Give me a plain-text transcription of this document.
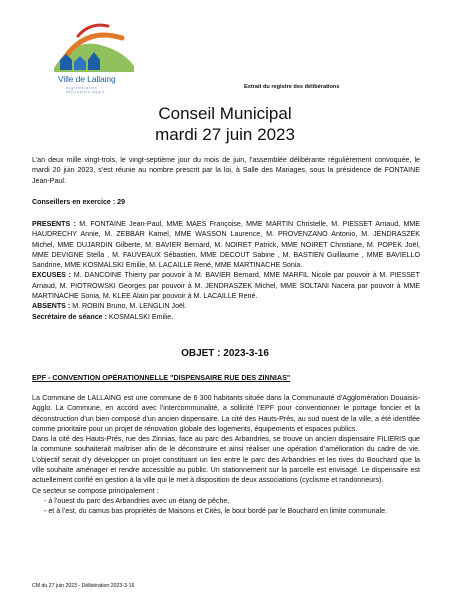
Ville de Lallaing
a g g l o m é r a t i o n
d e D o u a i s i s - A g g l o
Extrait du registre des délibérations
Conseil Municipal
mardi 27 juin 2023
L’an deux mille vingt-trois, le vingt-septième jour du mois de juin, l’assemblée délibérante régulièrement convoquée, le mardi 20 juin 2023, s’est réunie au nombre prescrit par la loi, à Salle des Mariages, sous la présidence de FONTAINE Jean-Paul.
Conseillers en exercice : 29

PRESENTS : M. FONTAINE Jean-Paul, MME MAES Françoise, MME MARTIN Christelle, M. PIESSET Arnaud, MME HAUDRECHY Annie, M. ZEBBAR Kamel, MME WASSON Laurence, M. PROVENZANO Antonio, M. JENDRASZEK Michel, MME DUJARDIN Gilberte, M. BAVIER Bernard, M. NOIRET Patrick, MME NOIRET Christiane, M. POPEK Joël, MME DEVIGNE Stella , M. FAUVEAUX Sébastien, MME DECOUT Sabine , M. BASTIEN Guillaume , MME BAVIELLO Sandrine, MME KOSMALSKI Emilie, M. LACAILLE René, MME MARTINACHE Sonia.

EXCUSES : M. DANCOINE Thierry par pouvoir à M. BAVIER Bernard, MME MARFIL Nicole par pouvoir à M. PIESSET Arnaud, M. PIOTROWSKI Georges par pouvoir à M. JENDRASZEK Michel, MME SOLTANI Nacera par pouvoir à MME MARTINACHE Sonia, M. KLEE Alain par pouvoir à M. LACAILLE René.

ABSENTS : M. ROBIN Bruno, M. LENGLIN Joël.

Secrétaire de séance : KOSMALSKI Emilie.

OBJET : 2023-3-16
EPF - CONVENTION OPÉRATIONNELLE "DISPENSAIRE RUE DES ZINNIAS"

La Commune de LALLAING est une commune de 6 300 habitants située dans la Communauté d’Agglomération Douaisis-Agglo. La Commune, en accord avec l’intercommunalité, a sollicité l’EPF pour conventionner le portage foncier et la déconstruction d’un bien composé d’un ancien dispensaire. La cité des Hauts-Prés, au sud ouest de la ville, a été identifée comme prioritaire pour un projet de rénovation globale des logements, équipements et espaces publics.

Dans la cité des Hauts-Prés, rue des Zinnias, face au parc des Arbandries, se trouve un ancien dispensaire FILIERIS que la commune souhaiterait maîtriser afin de le déconstruire et ainsi réaliser une opération d’amélioration du cadre de vie. L’objectif serait d’y développer un projet constituant un lien entre le parc des Arbandries et les rives du Bouchard que la ville souhaite aménager et rendre accessible au public. Un stationnement sur la parcelle est envisagé. Le dispensaire est actuellement confié en gestion à la ville qui le met à disposition de deux associations (cyclisme et randonneurs).

Ce secteur se compose principalement :

- à l’ouest du parc des Arbandries avec un étang de pêche,

- et à l’est, du camus bas propriétés de Maisons et Cités, le bout bordé par le Bouchard en limite communale.

CM du 27 juin 2023 - Délibération 2023-3-16
